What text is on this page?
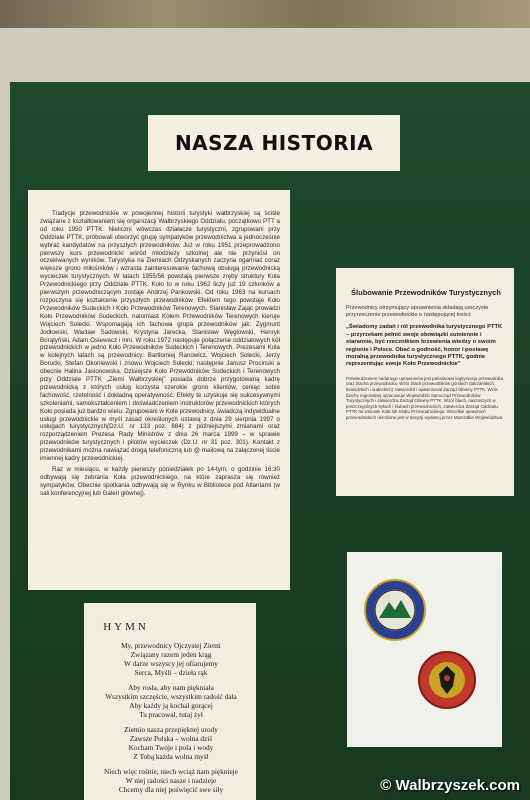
NASZA HISTORIA

Tradycje przewodnickie w powojennej historii turystyki wałbrzyskiej są ściśle związane z kształtowaniem się organizacji Wałbrzyskiego Oddziału, początkowo PTT a od roku 1950 PTTK. Nieliczni wówczas działacze turystyczni, zgrupowani przy Oddziale PTTK, próbowali utworzyć grupę sympatyków przewodnictwa a jednocześnie wybrać kandydatów na przyszłych przewodników. Już w roku 1951 przeprowadzono pierwszy kurs przewodnicki wśród młodzieży szkolnej ale nie przyniósł on oczekiwanych wyników. Turystyka na Ziemiach Odzyskanych zaczyna ogarniać coraz większe grono miłośników i wzrasta zainteresowanie fachową obsługą przewodnicką wycieczek turystycznych. W latach 1955/56 powstają pierwsze zręby struktury Koła Przewodnickiego przy Oddziale PTTK. Koło to w roku 1962 liczy już 19 członków a pierwszym przewodniczącym zostaje Andrzej Pankowski. Od roku 1963 na kursach rozpoczyna się kształcenie przyszłych przewodników. Efektem tego powstaje Koło Przewodników Sudeckich i Koło Przewodników Terenowych. Stanisław Zając prowadzi Koło Przewodników Sudeckich, natomiast Kołem Przewodników Terenowych kieruje Wojciech Solecki. Wspomagają ich fachowa grupa przewodników jak: Zygmunt Jodłowski, Wacław Sadowski, Krystyna Jarecka, Stanisław Węglowski, Henryk Borątyński, Adam Osiewacz i inni. W roku 1972 następuje połączenie oddziałowych kół przewodnickich w jedno Koło Przewodników Sudeckich i Terenowych. Prezesami Koła w kolejnych latach są przewodnicy: Bartłomiej Ranowicz, Wojciech Solecki, Jerzy Borucki, Stefan Okoniewski i znowu Wojciech Solecki; następnie Janusz Procinski a obecnie Halina Jasionowska. Dzisiejsze Koło Przewodników Sudeckich i Terenowych przy Oddziale PTTK „Ziemi Wałbrzyskiej” posiada dobrze przygotowaną kadrę przewodnicką z których usług korzysta szerokie grono klientów, ceniąc sobie fachowość, rzetelność i dokładną operatywność. Efekty te uzyskuje się sukcesywnymi szkoleniami, samokształceniem i doświadczeniem instruktorów przewodnickich których Koło posiada już bardzo wielu. Zgrupowani w Kole przewodnicy, świadczą indywidualne usługi przewodnickie w myśl zasad określonych ustawą z dnia 29 sierpnia 1997 o usługach turystycznych(Dz.U. nr 133 poz. 884) z późniejszymi zmianami oraz rozporządzeniem Prezesa Rady Ministrów z dnia 26 marca 1999 – w sprawie przewodników turystycznych i pilotów wycieczek (Dz.U. nr 31 poz. 301). Kontakt z przewodnikami można nawiązać drogą telefoniczną lub @ mailową na załączonej liście imiennej kadry przewodnickiej.

Raz w miesiącu, w każdy pierwszy poniedziałek po 14-tym, o godzinie 16:30 odbywają się zebrania Koła przewodnickiego, na które zaprasza się również sympatyków. Obecnie spotkania odbywają się w Rynku w Bibliotece pod Atlantami (w sali konferencyjnej lub Galeri głównej).

Ślubowanie Przewodników Turystycznych
Przewodnicy otrzymujący uprawnienia składają uroczyste przyrzeczenie przewodnickie o następującej treści:
„Świadomy zadań i ról przewodnika turystycznego PTTK – przyrzekam pełnić swoje obowiązki sumiennie i starannie, być rzecznikiem krzewienia wiedzy o swoim regionie i Polsce. Obać o godność, honor i postawę moralną przewodnika turystycznego PTTK, godnie reprezentując swoje Koło Przewodnickie”
Potwierdzeniem nadanego uprawnienia jest państwowa legitymacja przewodnika oraz blacha przewodnicka. Wzór blach przewodników górskich (tatrzańskich, beskidzkich i sudeckich) zatwierdził i opatentował Zarząd Główny PTTK. Wzór blachy regionalnej opracowuje Wojewódzki Samorząd Przewodników Turystycznych i zatwierdza Zarząd Główny PTTK. Wzór blach, naszoszych w poszczególnych byłach i klubach przewodnickich, zatwierdza Zarząd Oddziału PTTK na wniosek Koła lub Klubu Przewodnickiego. Wszelkie uprawnień przewodnickich określone jest w decyzji wydanej przez Marszałka Województwa.
HYMN
My, przewodnicy Ojczystej Ziemi
Związany razem jeden krąg
W darze wszyscy jej ofiarujemy
Serca, Myśli – dzieła rąk
Aby rosła, aby nam piękniała
Wszystkim szczęście, wszystkim radość dała
Aby każdy ją kochał gorącej
Tu pracował, tutaj żył
Ziemio nasza przepięknej urody
Zawsze Polska – wolna dziś
Kocham Twoje i pola i wody
Z Tobą każda wolna myśl
Niech więc rośnie, niech wciąż nam pięknieje
W niej radości nasze i nadzieje
Chcemy dla niej poświęcić swe siły	© Walbrzyszek.com
